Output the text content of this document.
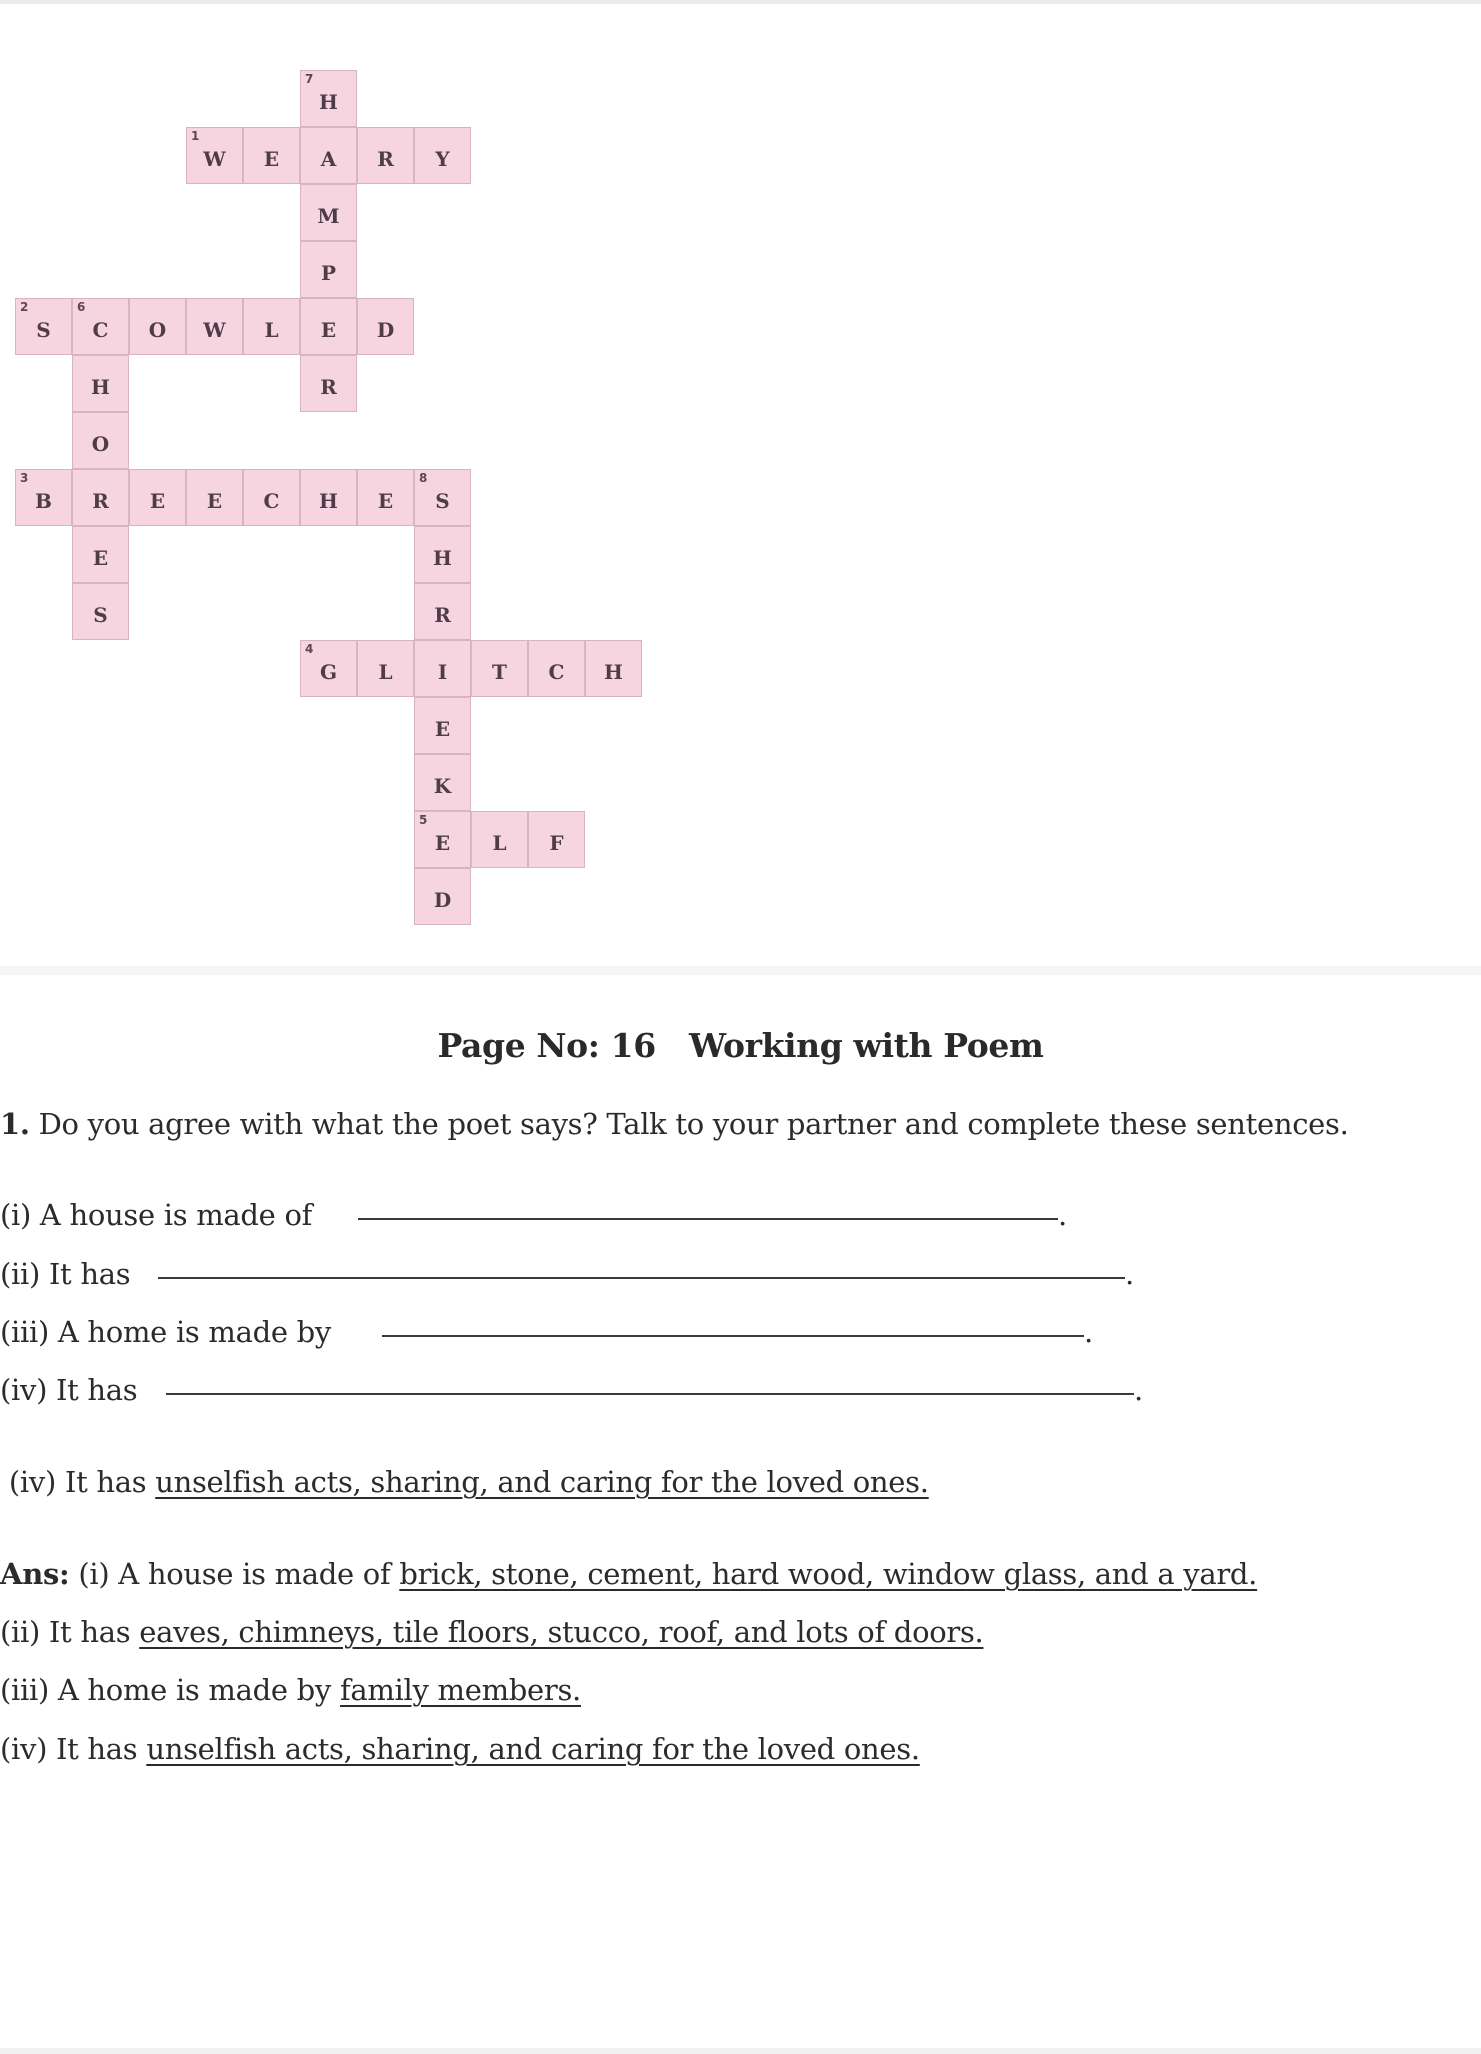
7
H
1
W E A R Y
M
P
2
S
6
C O W L E D
H	R
O
3
B R E E C H E
8
S
E	H
S	R
4
G L I T C H
E
K
5
E L F
D
Page No: 16   Working with Poem
1. Do you agree with what the poet says? Talk to your partner and complete these sentences.
(i) A house is made of	.
(ii) It has	.
(iii) A home is made by	.
(iv) It has	.
(iv) It has unselfish acts, sharing, and caring for the loved ones.
Ans: (i) A house is made of brick, stone, cement, hard wood, window glass, and a yard.
(ii) It has eaves, chimneys, tile floors, stucco, roof, and lots of doors.
(iii) A home is made by family members.
(iv) It has unselfish acts, sharing, and caring for the loved ones.
